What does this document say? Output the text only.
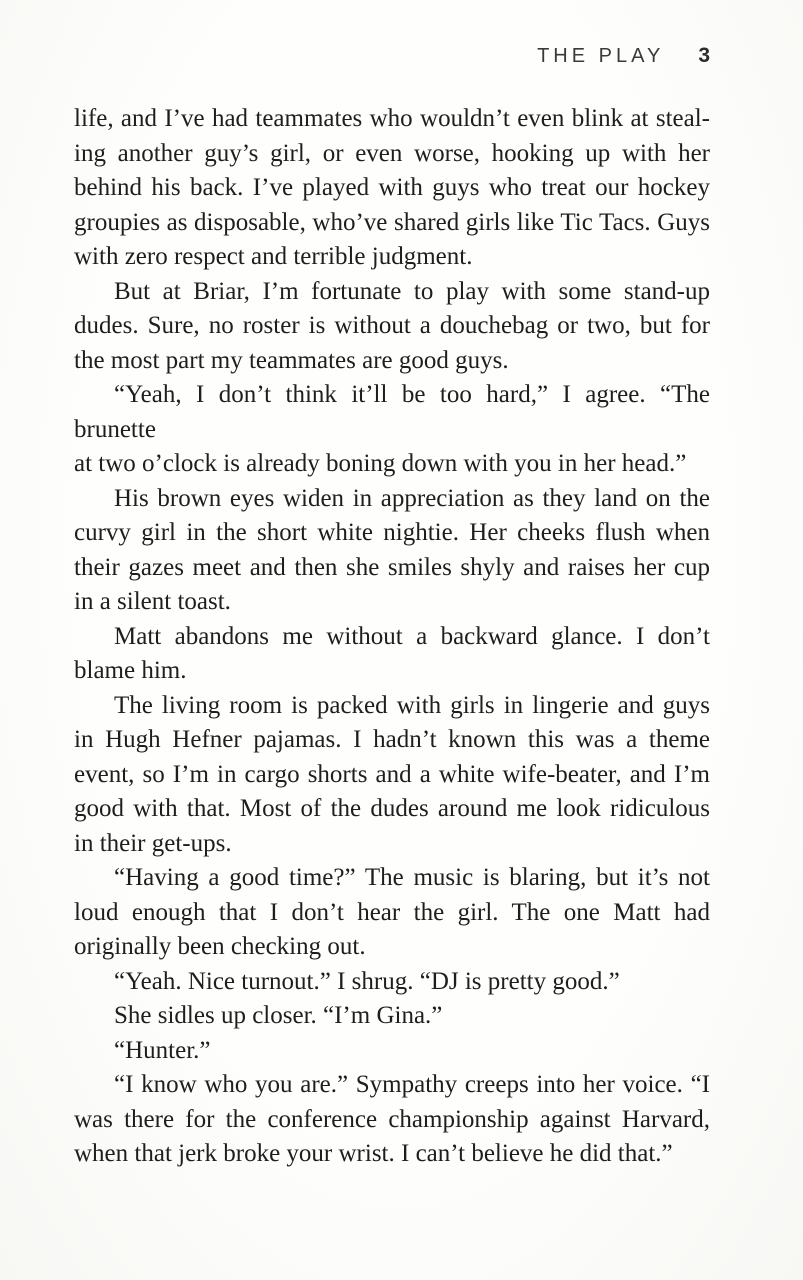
THE PLAY 3

life, and I’ve had teammates who wouldn’t even blink at steal-
ing another guy’s girl, or even worse, hooking up with her
behind his back. I’ve played with guys who treat our hockey
groupies as disposable, who’ve shared girls like Tic Tacs. Guys
with zero respect and terrible judgment.

But at Briar, I’m fortunate to play with some stand-up
dudes. Sure, no roster is without a douchebag or two, but for
the most part my teammates are good guys.

“Yeah, I don’t think it’ll be too hard,” I agree. “The brunette
at two o’clock is already boning down with you in her head.”

His brown eyes widen in appreciation as they land on the
curvy girl in the short white nightie. Her cheeks flush when
their gazes meet and then she smiles shyly and raises her cup
in a silent toast.

Matt abandons me without a backward glance. I don’t
blame him.

The living room is packed with girls in lingerie and guys
in Hugh Hefner pajamas. I hadn’t known this was a theme
event, so I’m in cargo shorts and a white wife-beater, and I’m
good with that. Most of the dudes around me look ridiculous
in their get-ups.

“Having a good time?” The music is blaring, but it’s not
loud enough that I don’t hear the girl. The one Matt had
originally been checking out.

“Yeah. Nice turnout.” I shrug. “DJ is pretty good.”

She sidles up closer. “I’m Gina.”

“Hunter.”

“I know who you are.” Sympathy creeps into her voice. “I
was there for the conference championship against Harvard,
when that jerk broke your wrist. I can’t believe he did that.”
